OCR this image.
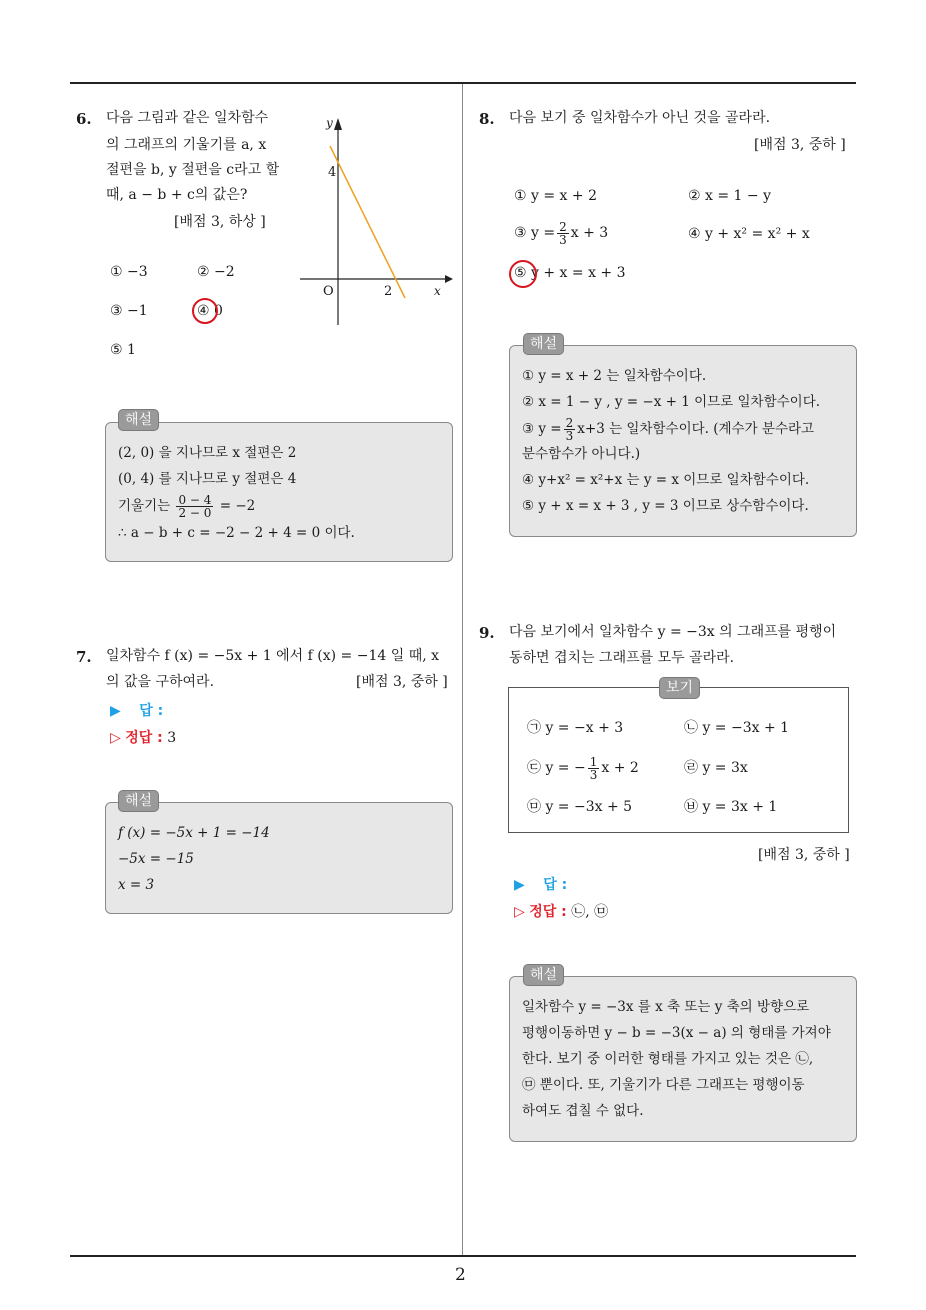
2
6. 다음 그림과 같은 일차함수
의 그래프의 기울기를 a, x
절편을 b, y 절편을 c라고 할
때, a − b + c의 값은?
[배점 3, 하상 ]
y
4
O	2	x
① −3	② −2
③ −1	④ 0
⑤ 1
(2, 0) 을 지나므로 x 절편은 2
(0, 4) 를 지나므로 y 절편은 4
기울기는 $\frac{0 - 4}{2 - 0} = -2$
∴ a − b + c = −2 − 2 + 4 = 0 이다.
해설
7. 일차함수 f (x) = −5x + 1 에서 f (x) = −14 일 때, x
의 값을 구하여라.	[배점 3, 중하 ]
▶ 답 :
▷ 정답 : 3
f (x) = −5x + 1 = −14
−5x = −15
x = 3
해설
8. 다음 보기 중 일차함수가 아닌 것을 골라라.
[배점 3, 중하 ]
① y = x + 2	② x = 1 − y
③ $y = \frac{2}{3}$ x + 3	④ y + x² = x² + x
⑤ y + x = x + 3
① y = x + 2 는 일차함수이다.
② x = 1 − y , y = −x + 1 이므로 일차함수이다.
③ $y = \frac{2}{3} x+3$ 는 일차함수이다. (계수가 분수라고
분수함수가 아니다.)
④ y+x² = x²+x 는 y = x 이므로 일차함수이다.
⑤ y + x = x + 3 , y = 3 이므로 상수함수이다.
해설
9. 다음 보기에서 일차함수 y = −3x 의 그래프를 평행이
동하면 겹치는 그래프를 모두 골라라.
㉠ y = −x + 3	㉡ y = −3x + 1
㉢ y = − $\frac{1}{3}$ x + 2	㉣ y = 3x
㉤ y = −3x + 5	㉥ y = 3x + 1
보기
[배점 3, 중하 ]
▶ 답 :
▷ 정답 : ㉡, ㉤
일차함수 y = −3x 를 x 축 또는 y 축의 방향으로
평행이동하면 y − b = −3(x − a) 의 형태를 가져야
한다. 보기 중 이러한 형태를 가지고 있는 것은 ㉡,
㉤ 뿐이다. 또, 기울기가 다른 그래프는 평행이동
하여도 겹칠 수 없다.
해설
